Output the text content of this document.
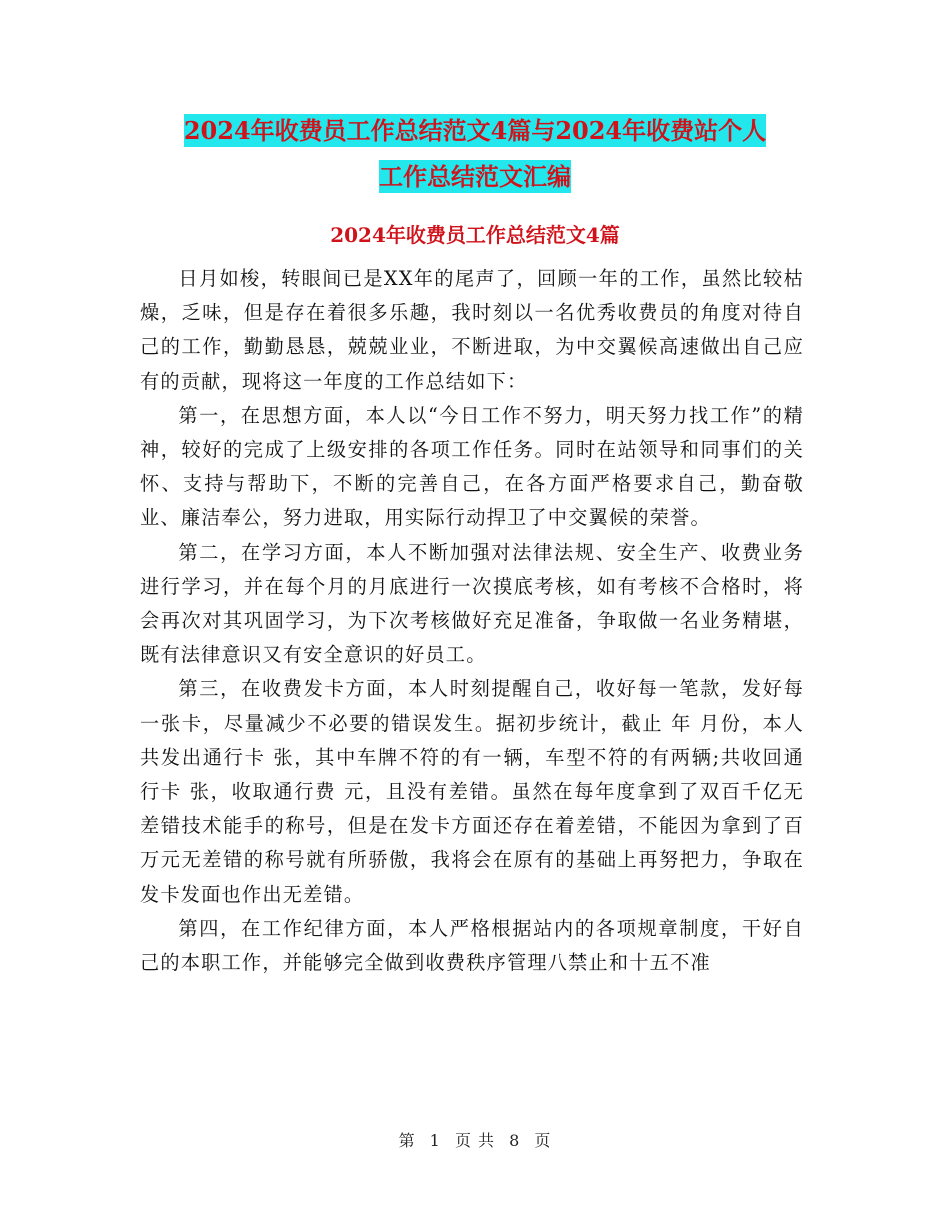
2024年收费员工作总结范文4篇与2024年收费站个人
工作总结范文汇编
2024年收费员工作总结范文4篇

日月如梭，转眼间已是XX年的尾声了，回顾一年的工作，虽然比较枯燥，乏味，但是存在着很多乐趣，我时刻以一名优秀收费员的角度对待自己的工作，勤勤恳恳，兢兢业业，不断进取，为中交翼候高速做出自己应有的贡献，现将这一年度的工作总结如下：

第一，在思想方面，本人以“今日工作不努力，明天努力找工作”的精神，较好的完成了上级安排的各项工作任务。同时在站领导和同事们的关怀、支持与帮助下，不断的完善自己，在各方面严格要求自己，勤奋敬业、廉洁奉公，努力进取，用实际行动捍卫了中交翼候的荣誉。

第二，在学习方面，本人不断加强对法律法规、安全生产、收费业务进行学习，并在每个月的月底进行一次摸底考核，如有考核不合格时，将会再次对其巩固学习，为下次考核做好充足准备，争取做一名业务精堪，既有法律意识又有安全意识的好员工。

第三，在收费发卡方面，本人时刻提醒自己，收好每一笔款，发好每一张卡，尽量减少不必要的错误发生。据初步统计，截止 年 月份，本人共发出通行卡 张，其中车牌不符的有一辆，车型不符的有两辆;共收回通行卡 张，收取通行费 元，且没有差错。虽然在每年度拿到了双百千亿无差错技术能手的称号，但是在发卡方面还存在着差错，不能因为拿到了百万元无差错的称号就有所骄傲，我将会在原有的基础上再努把力，争取在发卡发面也作出无差错。

第四，在工作纪律方面，本人严格根据站内的各项规章制度，干好自己的本职工作，并能够完全做到收费秩序管理八禁止和十五不准

第 1 页 共 8 页
